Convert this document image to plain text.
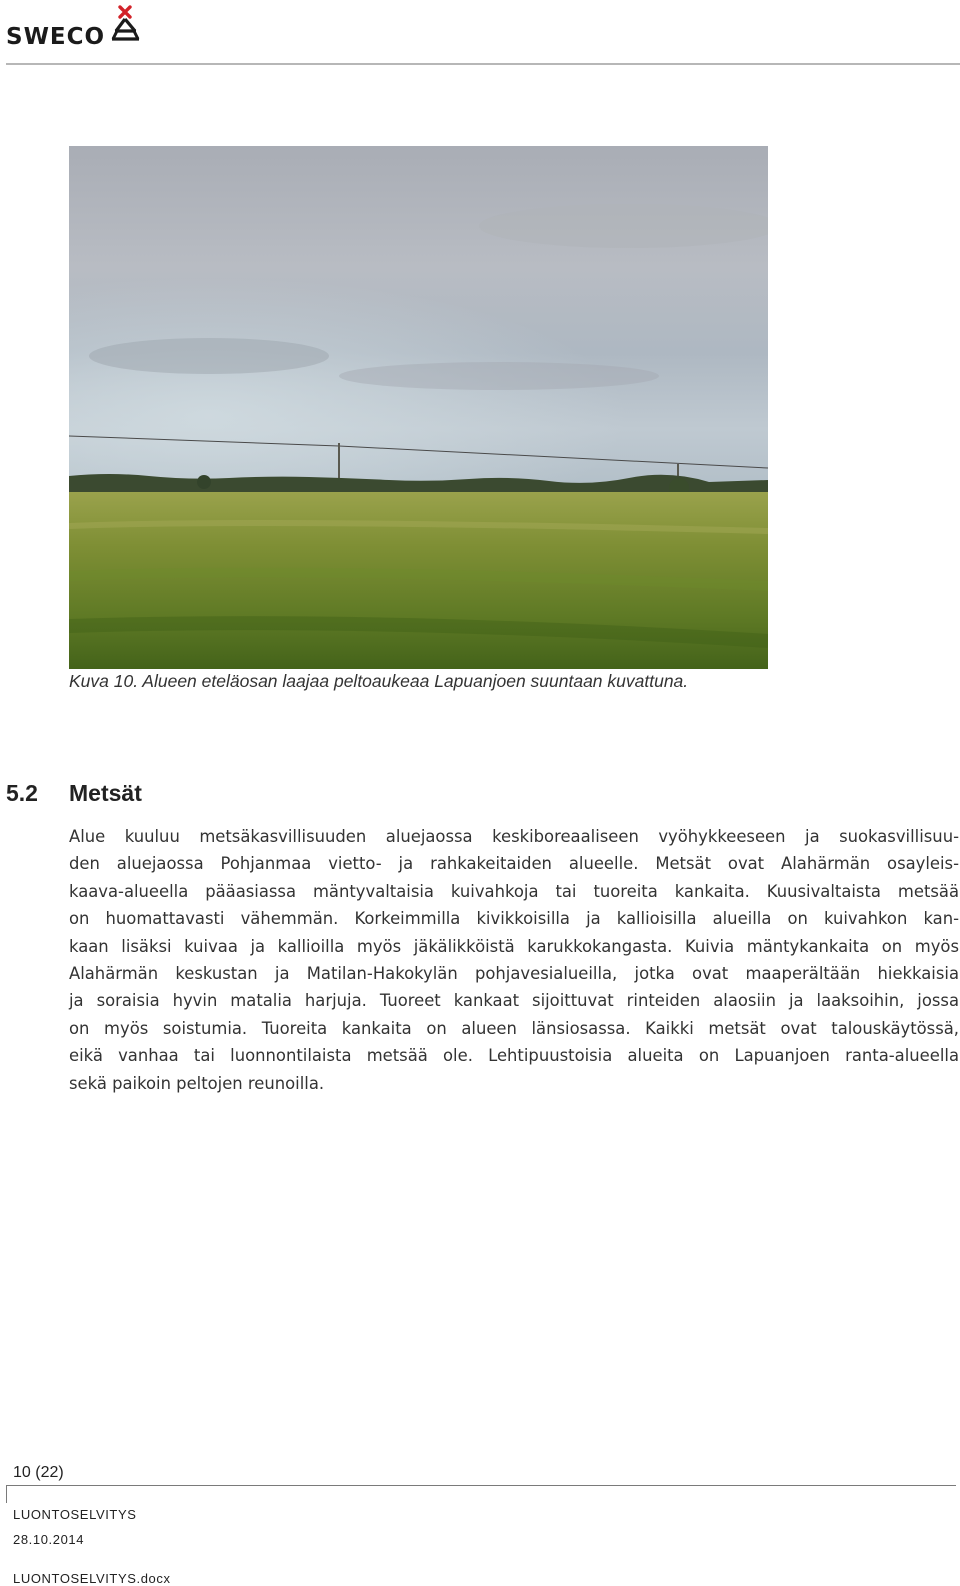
SWECO
Kuva 10. Alueen eteläosan laajaa peltoaukeaa Lapuanjoen suuntaan kuvattuna.
5.2 Metsät
Alue kuuluu metsäkasvillisuuden aluejaossa keskiboreaaliseen vyöhykkeeseen ja suokasvillisuu-
den aluejaossa Pohjanmaa vietto- ja rahkakeitaiden alueelle. Metsät ovat Alahärmän osayleis-
kaava-alueella pääasiassa mäntyvaltaisia kuivahkoja tai tuoreita kankaita. Kuusivaltaista metsää
on huomattavasti vähemmän. Korkeimmilla kivikkoisilla ja kallioisilla alueilla on kuivahkon kan-
kaan lisäksi kuivaa ja kallioilla myös jäkälikköistä karukkokangasta. Kuivia mäntykankaita on myös
Alahärmän keskustan ja Matilan-Hakokylän pohjavesialueilla, jotka ovat maaperältään hiekkaisia
ja soraisia hyvin matalia harjuja. Tuoreet kankaat sijoittuvat rinteiden alaosiin ja laaksoihin, jossa
on myös soistumia. Tuoreita kankaita on alueen länsiosassa. Kaikki metsät ovat talouskäytössä,
eikä vanhaa tai luonnontilaista metsää ole. Lehtipuustoisia alueita on Lapuanjoen ranta-alueella
sekä paikoin peltojen reunoilla.
10 (22)
LUONTOSELVITYS
28.10.2014
LUONTOSELVITYS.docx
